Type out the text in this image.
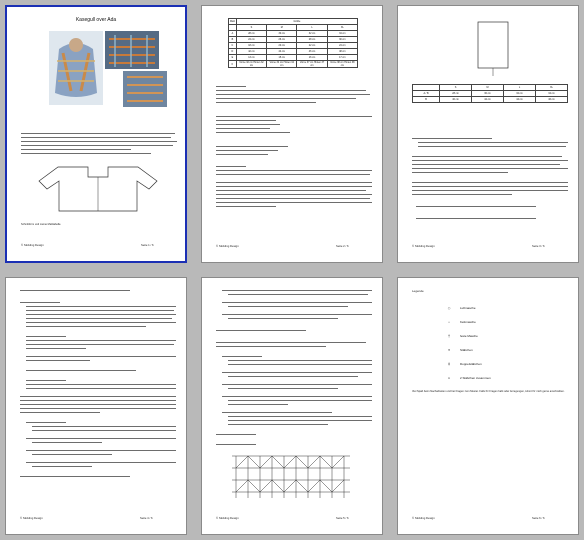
Kasegull over Ada
Schnittform und meine Maßtabelle.
© Stickling Design	Seite 1 / 6
Maß	Größe			
	S	M	L	XL
A	28 cm	30 cm	32 cm	34 cm
B	24 cm	26 cm	28 cm	30 cm
C	18 cm	20 cm	22 cm	24 cm
D	42 cm	44 cm	46 cm	48 cm
E	13 cm	15 cm	16 cm	17 cm
F	Vorne 32 cm Hinten 32 cm	Vorne 34 cm Hinten 34 cm	Vorne 37 cm Hinten 37 cm	Vorne 38 cm Hinten 38 cm
© Stickling Design	Seite 2 / 6
	S	M	L	XL
A / B	28 cm	30 cm	32 cm	34 cm
B	40 cm	42 cm	44 cm	46 cm
© Stickling Design	Seite 3 / 6
© Stickling Design	Seite 4 / 6	© Stickling Design	Seite 5 / 6
Legende
○	Luftmasche
•	Kettmasche
┼	feste Masche
Ŧ	Stäbchen
╪	Doppelstäbchen
∧	2 Stäbchen zusammen
Viel Spaß beim Nacharbeiten und bei Fragen zum Muster. Falls Ihr Fragen habt oder Anregungen, könnt Ihr mich gerne anschreiben.
© Stickling Design	Seite 6 / 6
